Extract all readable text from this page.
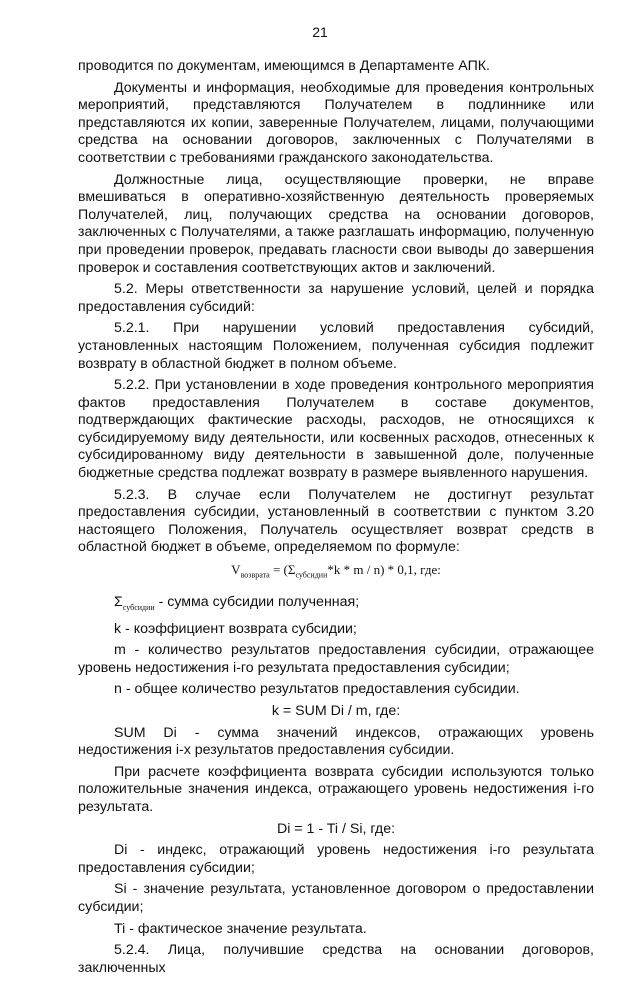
21

проводится по документам, имеющимся в Департаменте АПК.

Документы и информация, необходимые для проведения контрольных мероприятий, представляются Получателем в подлиннике или представляются их копии, заверенные Получателем, лицами, получающими средства на основании договоров, заключенных с Получателями в соответствии с требованиями гражданского законодательства.

Должностные лица, осуществляющие проверки, не вправе вмешиваться в оперативно-хозяйственную деятельность проверяемых Получателей, лиц, получающих средства на основании договоров, заключенных с Получателями, а также разглашать информацию, полученную при проведении проверок, предавать гласности свои выводы до завершения проверок и составления соответствующих актов и заключений.

5.2. Меры ответственности за нарушение условий, целей и порядка предоставления субсидий:

5.2.1. При нарушении условий предоставления субсидий, установленных настоящим Положением, полученная субсидия подлежит возврату в областной бюджет в полном объеме.

5.2.2. При установлении в ходе проведения контрольного мероприятия фактов предоставления Получателем в составе документов, подтверждающих фактические расходы, расходов, не относящихся к субсидируемому виду деятельности, или косвенных расходов, отнесенных к субсидированному виду деятельности в завышенной доле, полученные бюджетные средства подлежат возврату в размере выявленного нарушения.

5.2.3. В случае если Получателем не достигнут результат предоставления субсидии, установленный в соответствии с пунктом 3.20 настоящего Положения, Получатель осуществляет возврат средств в областной бюджет в объеме, определяемом по формуле:

$V_{возврата} = (\Sigma_{субсидии}*k * m / n) * 0,1$, где:

$\Sigma_{субсидии}$ - сумма субсидии полученная;

k - коэффициент возврата субсидии;

m - количество результатов предоставления субсидии, отражающее уровень недостижения i-го результата предоставления субсидии;

n - общее количество результатов предоставления субсидии.

k = SUM Di / m, где:

SUM Di - сумма значений индексов, отражающих уровень недостижения i-х результатов предоставления субсидии.

При расчете коэффициента возврата субсидии используются только положительные значения индекса, отражающего уровень недостижения i-го результата.

Di = 1 - Ti / Si, где:

Di - индекс, отражающий уровень недостижения i-го результата предоставления субсидии;

Si - значение результата, установленное договором о предоставлении субсидии;

Ti - фактическое значение результата.

5.2.4. Лица, получившие средства на основании договоров, заключенных
